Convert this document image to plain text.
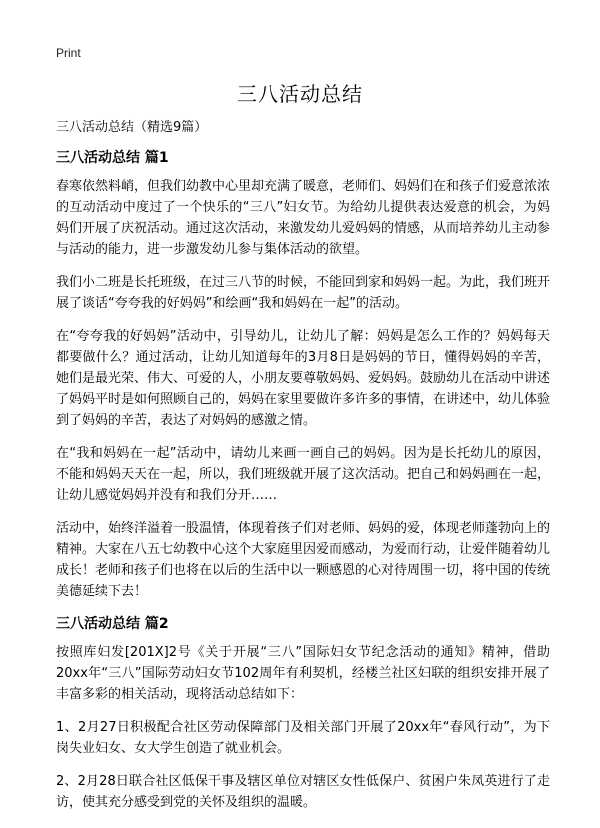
Print
三八活动总结

三八活动总结（精选9篇）

三八活动总结 篇1

春寒依然料峭，但我们幼教中心里却充满了暖意，老师们、妈妈们在和孩子们爱意浓浓的互动活动中度过了一个快乐的“三八”妇女节。为给幼儿提供表达爱意的机会，为妈妈们开展了庆祝活动。通过这次活动，来激发幼儿爱妈妈的情感，从而培养幼儿主动参与活动的能力，进一步激发幼儿参与集体活动的欲望。

我们小二班是长托班级，在过三八节的时候，不能回到家和妈妈一起。为此，我们班开展了谈话“夸夸我的好妈妈”和绘画“我和妈妈在一起”的活动。

在“夸夸我的好妈妈”活动中，引导幼儿，让幼儿了解：妈妈是怎么工作的？妈妈每天都要做什么？通过活动，让幼儿知道每年的3月8日是妈妈的节日，懂得妈妈的辛苦，她们是最光荣、伟大、可爱的人，小朋友要尊敬妈妈、爱妈妈。鼓励幼儿在活动中讲述了妈妈平时是如何照顾自己的，妈妈在家里要做许多许多的事情，在讲述中，幼儿体验到了妈妈的辛苦，表达了对妈妈的感激之情。

在“我和妈妈在一起”活动中，请幼儿来画一画自己的妈妈。因为是长托幼儿的原因，不能和妈妈天天在一起，所以，我们班级就开展了这次活动。把自己和妈妈画在一起，让幼儿感觉妈妈并没有和我们分开……

活动中，始终洋溢着一股温情，体现着孩子们对老师、妈妈的爱，体现老师蓬勃向上的精神。大家在八五七幼教中心这个大家庭里因爱而感动，为爱而行动，让爱伴随着幼儿成长！老师和孩子们也将在以后的生活中以一颗感恩的心对待周围一切，将中国的传统美德延续下去！

三八活动总结 篇2

按照库妇发[201X]2号《关于开展“三八”国际妇女节纪念活动的通知》精神，借助20xx年“三八”国际劳动妇女节102周年有利契机，经楼兰社区妇联的组织安排开展了丰富多彩的相关活动，现将活动总结如下：

1、2月27日积极配合社区劳动保障部门及相关部门开展了20xx年“春风行动”，为下岗失业妇女、女大学生创造了就业机会。

2、2月28日联合社区低保干事及辖区单位对辖区女性低保户、贫困户朱凤英进行了走访，使其充分感受到党的关怀及组织的温暖。
